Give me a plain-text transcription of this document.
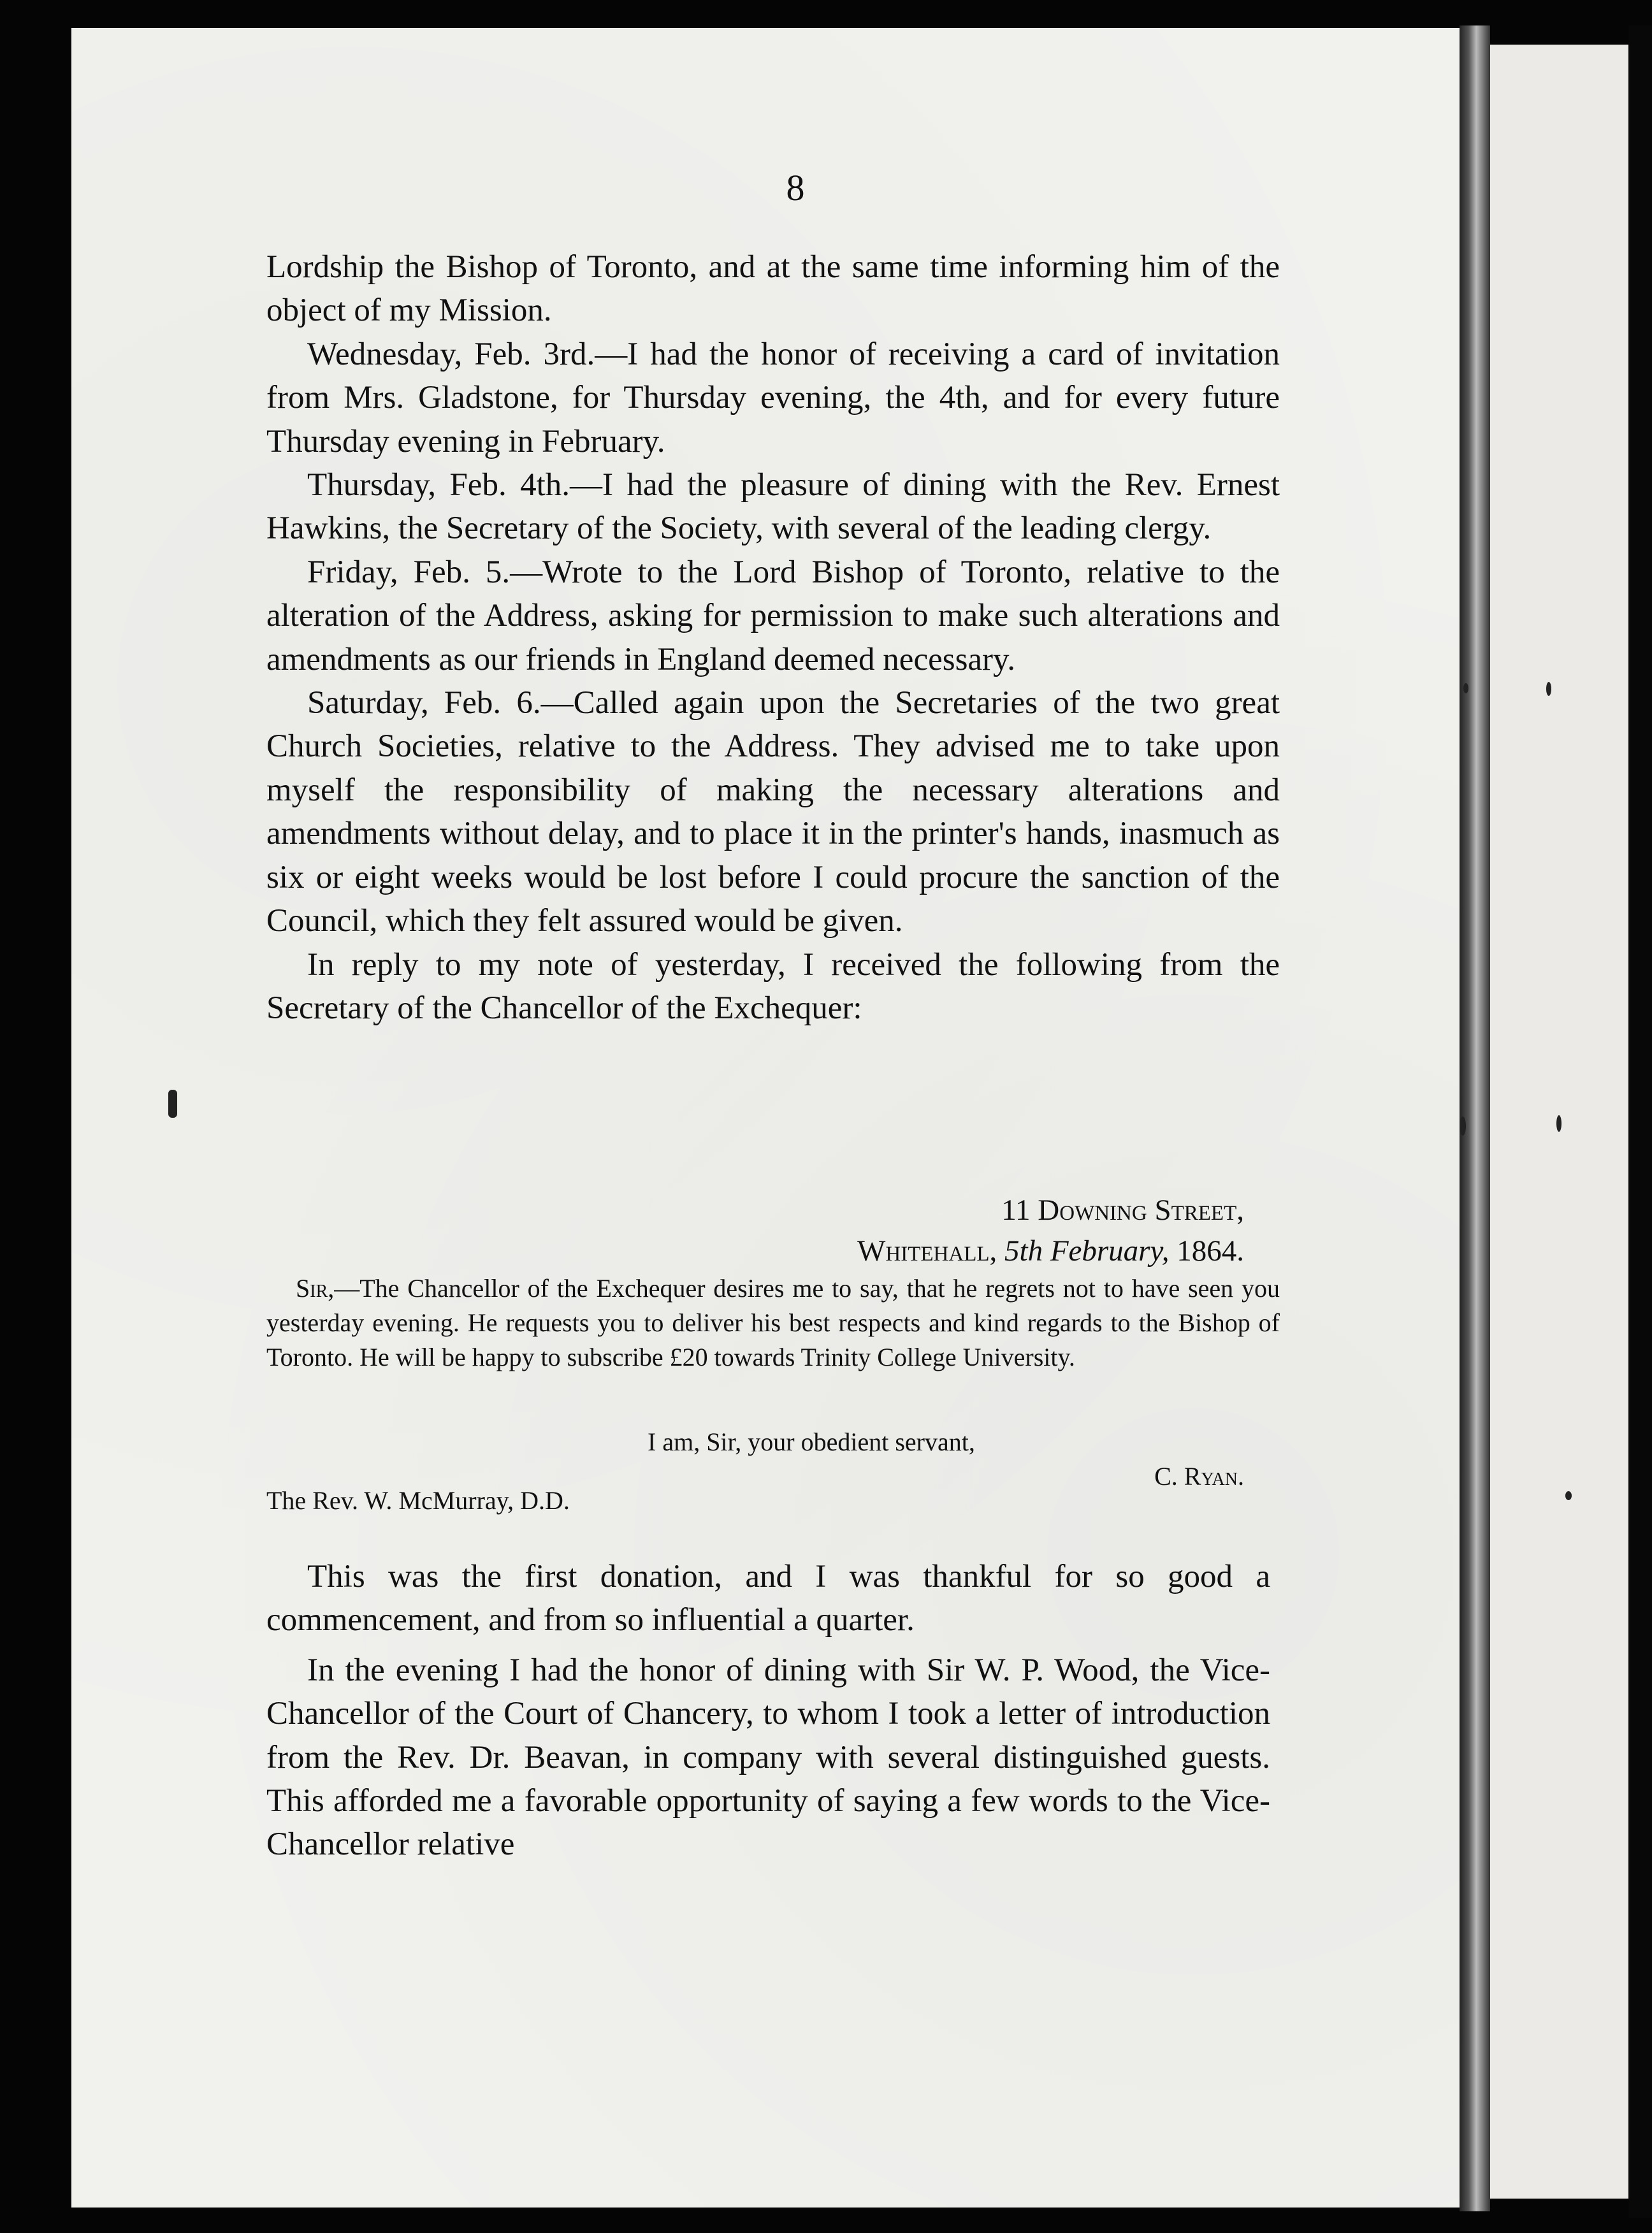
8

Lordship the Bishop of Toronto, and at the same time informing him of the object of my Mission.

Wednesday, Feb. 3rd.—I had the honor of receiving a card of invitation from Mrs. Gladstone, for Thursday evening, the 4th, and for every future Thursday evening in February.

Thursday, Feb. 4th.—I had the pleasure of dining with the Rev. Ernest Hawkins, the Secretary of the Society, with several of the leading clergy.

Friday, Feb. 5.—Wrote to the Lord Bishop of Toronto, relative to the alteration of the Address, asking for permission to make such alterations and amendments as our friends in England deemed necessary.

Saturday, Feb. 6.—Called again upon the Secretaries of the two great Church Societies, relative to the Address. They advised me to take upon myself the responsibility of making the necessary alterations and amendments without delay, and to place it in the printer's hands, inasmuch as six or eight weeks would be lost before I could procure the sanction of the Council, which they felt assured would be given.

In reply to my note of yesterday, I received the following from the Secretary of the Chancellor of the Exchequer:

11 Downing Street,
Whitehall, 5th February, 1864.

Sir,—The Chancellor of the Exchequer desires me to say, that he regrets not to have seen you yesterday evening. He requests you to deliver his best respects and kind regards to the Bishop of Toronto. He will be happy to subscribe £20 towards Trinity College University.

I am, Sir, your obedient servant,
C. Ryan.
The Rev. W. McMurray, D.D.

This was the first donation, and I was thankful for so good a commencement, and from so influential a quarter.

In the evening I had the honor of dining with Sir W. P. Wood, the Vice-Chancellor of the Court of Chancery, to whom I took a letter of introduction from the Rev. Dr. Beavan, in company with several distinguished guests. This afforded me a favorable opportunity of saying a few words to the Vice-Chancellor relative
